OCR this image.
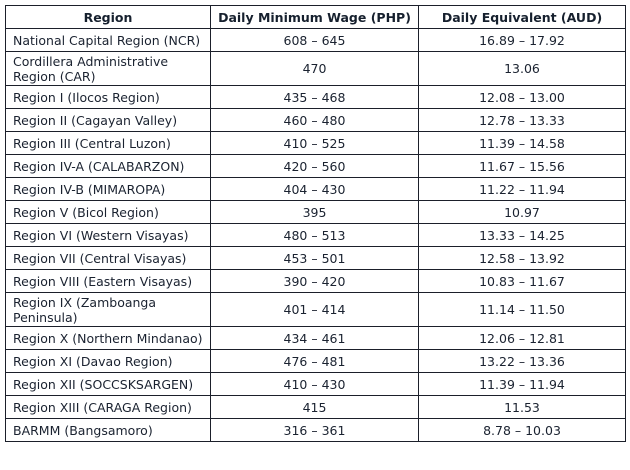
Region	Daily Minimum Wage (PHP)	Daily Equivalent (AUD)
National Capital Region (NCR)	608 – 645	16.89 – 17.92
Cordillera Administrative Region (CAR)	470	13.06
Region I (Ilocos Region)	435 – 468	12.08 – 13.00
Region II (Cagayan Valley)	460 – 480	12.78 – 13.33
Region III (Central Luzon)	410 – 525	11.39 – 14.58
Region IV-A (CALABARZON)	420 – 560	11.67 – 15.56
Region IV-B (MIMAROPA)	404 – 430	11.22 – 11.94
Region V (Bicol Region)	395	10.97
Region VI (Western Visayas)	480 – 513	13.33 – 14.25
Region VII (Central Visayas)	453 – 501	12.58 – 13.92
Region VIII (Eastern Visayas)	390 – 420	10.83 – 11.67
Region IX (Zamboanga Peninsula)	401 – 414	11.14 – 11.50
Region X (Northern Mindanao)	434 – 461	12.06 – 12.81
Region XI (Davao Region)	476 – 481	13.22 – 13.36
Region XII (SOCCSKSARGEN)	410 – 430	11.39 – 11.94
Region XIII (CARAGA Region)	415	11.53
BARMM (Bangsamoro)	316 – 361	8.78 – 10.03
